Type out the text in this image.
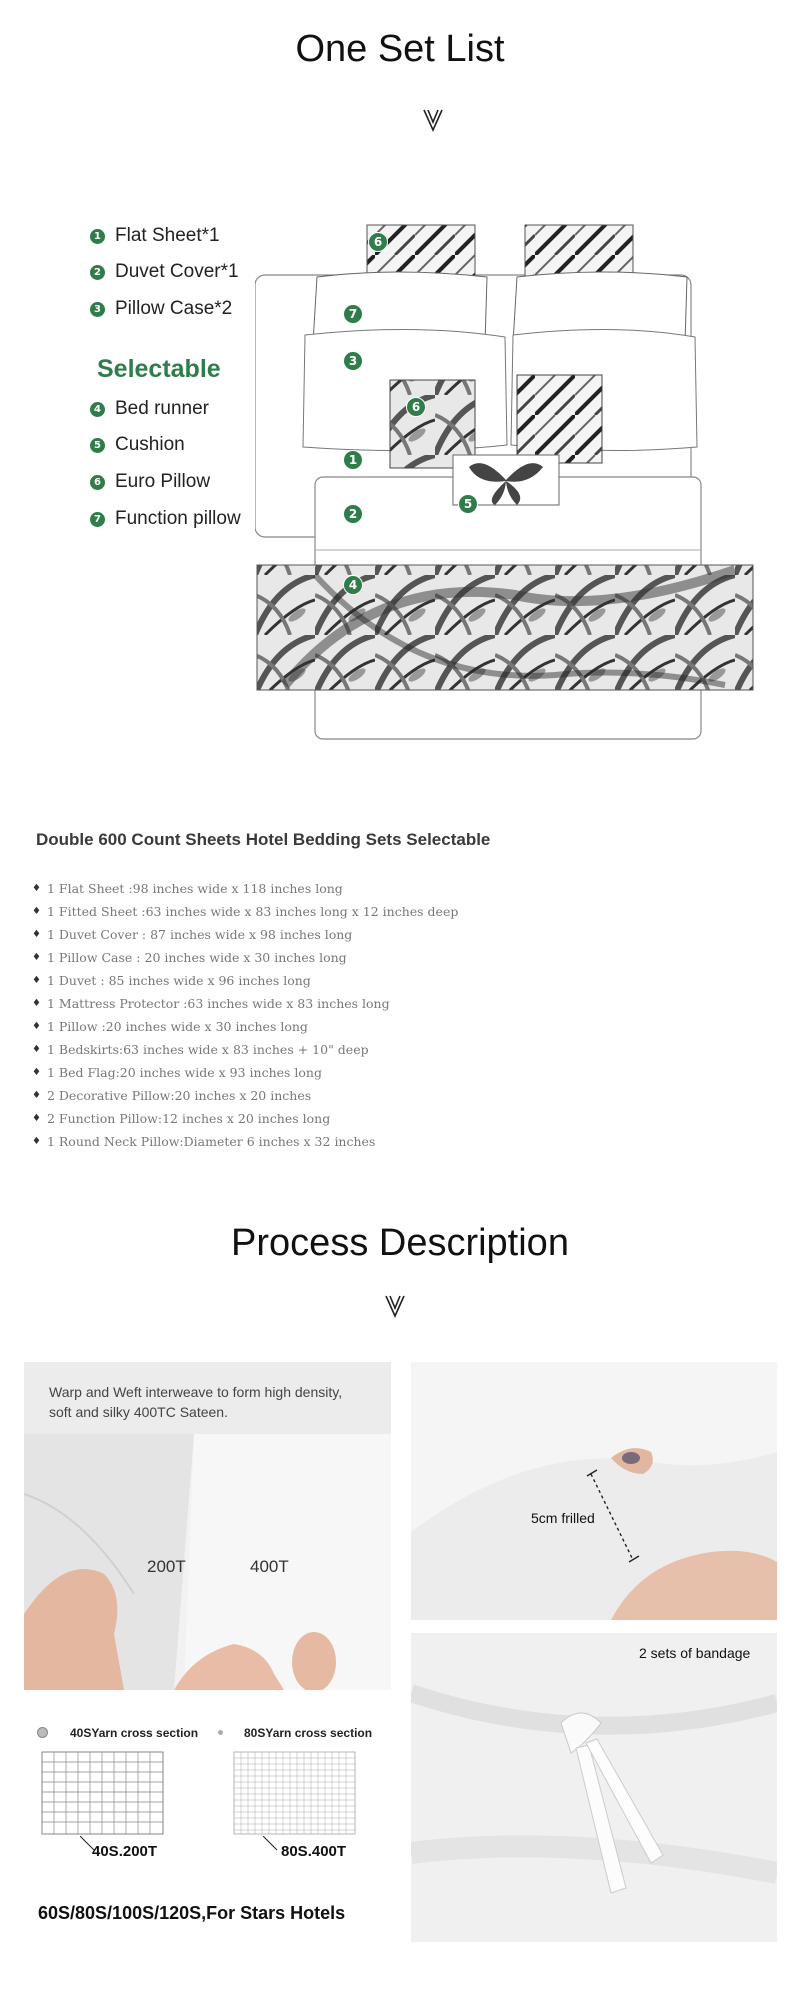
One Set List
1 Flat Sheet*1
2 Duvet Cover*1
3 Pillow Case*2
Selectable
4 Bed runner
5 Cushion
6 Euro Pillow
7 Function pillow
6
7
3
6
1
5
2
4
Double 600 Count Sheets Hotel Bedding Sets Selectable
♦ 1 Flat Sheet :98 inches wide x 118 inches long
♦ 1 Fitted Sheet :63 inches wide x 83 inches long x 12 inches deep
♦ 1 Duvet Cover : 87 inches wide x 98 inches long
♦ 1 Pillow Case : 20 inches wide x 30 inches long
♦ 1 Duvet : 85 inches wide x 96 inches long
♦ 1 Mattress Protector :63 inches wide x 83 inches long
♦ 1 Pillow :20 inches wide x 30 inches long
♦ 1 Bedskirts:63 inches wide x 83 inches + 10" deep
♦ 1 Bed Flag:20 inches wide x 93 inches long
♦ 2 Decorative Pillow:20 inches x 20 inches
♦ 2 Function Pillow:12 inches x 20 inches long
♦ 1 Round Neck Pillow:Diameter 6 inches x 32 inches
Process Description
Warp and Weft interweave to form high density,
soft and silky 400TC Sateen.
200T	400T
40SYarn cross section	80SYarn cross section
40S.200T	80S.400T
60S/80S/100S/120S,For Stars Hotels
5cm frilled
2 sets of bandage
